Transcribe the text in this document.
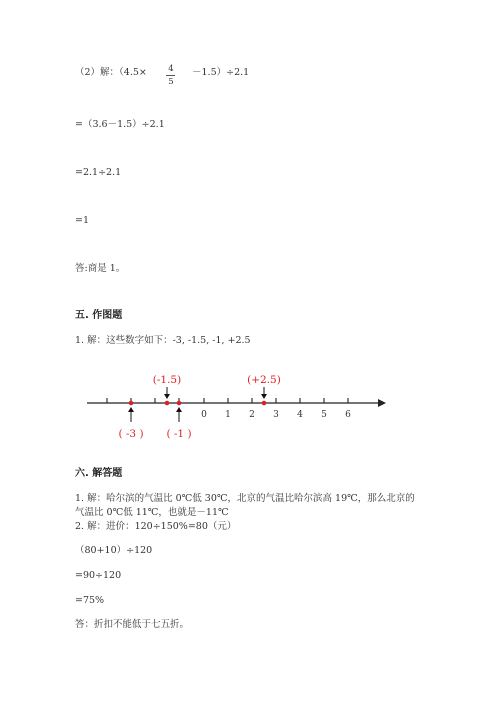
（2）解：（4.5×	4
5
－1.5）÷2.1
=（3.6－1.5）÷2.1
=2.1÷2.1
=1
答:商是 1。
五. 作图题
1. 解：这些数字如下：-3, -1.5, -1, +2.5
0 1 2 3 4 5 6
(-1.5)	(+2.5)
( -3 ) ( -1 )
六. 解答题
1. 解：哈尔滨的气温比 0℃低 30℃，北京的气温比哈尔滨高 19℃，那么北京的
气温比 0℃低 11℃，也就是－11℃
2. 解：进价：120÷150%=80（元）
（80+10）÷120
=90÷120
=75%
答：折扣不能低于七五折。
